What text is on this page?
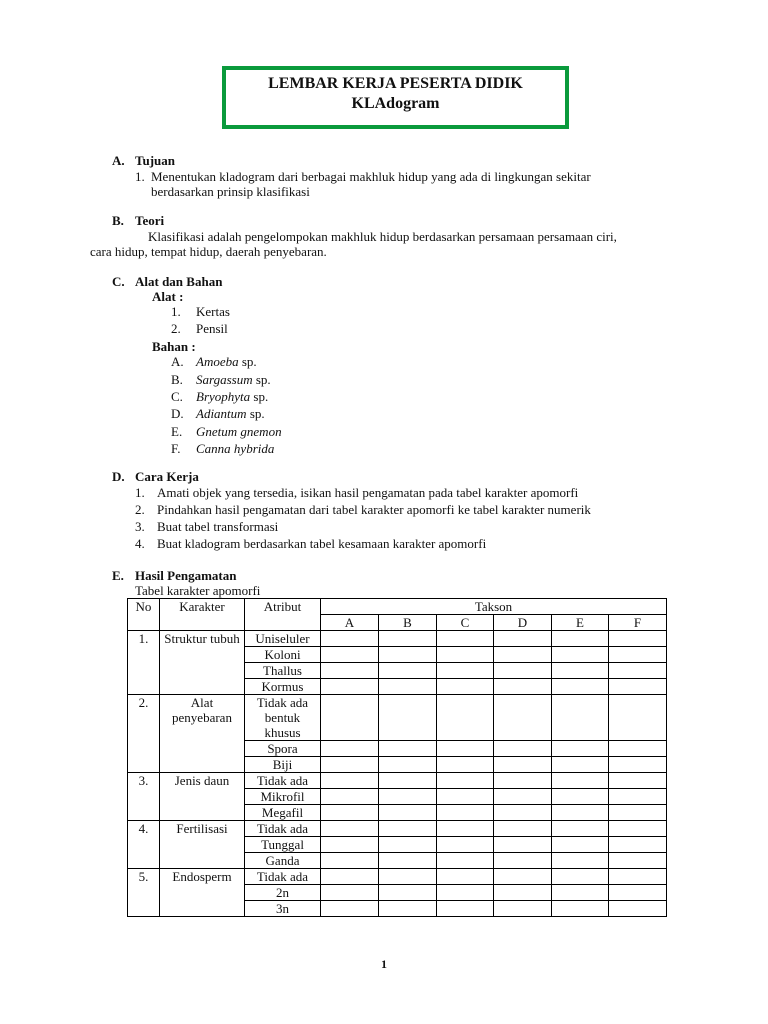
LEMBAR KERJA PESERTA DIDIK
KLAdogram
A. Tujuan
1. Menentukan kladogram dari berbagai makhluk hidup yang ada di lingkungan sekitar
berdasarkan prinsip klasifikasi
B. Teori
Klasifikasi adalah pengelompokan makhluk hidup berdasarkan persamaan persamaan ciri,
cara hidup, tempat hidup, daerah penyebaran.
C. Alat dan Bahan
Alat :
1. Kertas
2. Pensil
Bahan :
A. Amoeba sp.
B. Sargassum sp.
C. Bryophyta sp.
D. Adiantum sp.
E. Gnetum gnemon
F. Canna hybrida
D. Cara Kerja
1. Amati objek yang tersedia, isikan hasil pengamatan pada tabel karakter apomorfi
2. Pindahkan hasil pengamatan dari tabel karakter apomorfi ke tabel karakter numerik
3. Buat tabel transformasi
4. Buat kladogram berdasarkan tabel kesamaan karakter apomorfi
E. Hasil Pengamatan
Tabel karakter apomorfi
No	Karakter	Atribut	Takson					
			A	B	C	D	E	F
1.	Struktur tubuh	Uniseluler						
		Koloni						
		Thallus						
		Kormus						
2.	Alat penyebaran	Tidak ada bentuk khusus						
		Spora						
		Biji						
3.	Jenis daun	Tidak ada						
		Mikrofil						
		Megafil						
4.	Fertilisasi	Tidak ada						
		Tunggal						
		Ganda						
5.	Endosperm	Tidak ada						
		2n						
		3n						
1
